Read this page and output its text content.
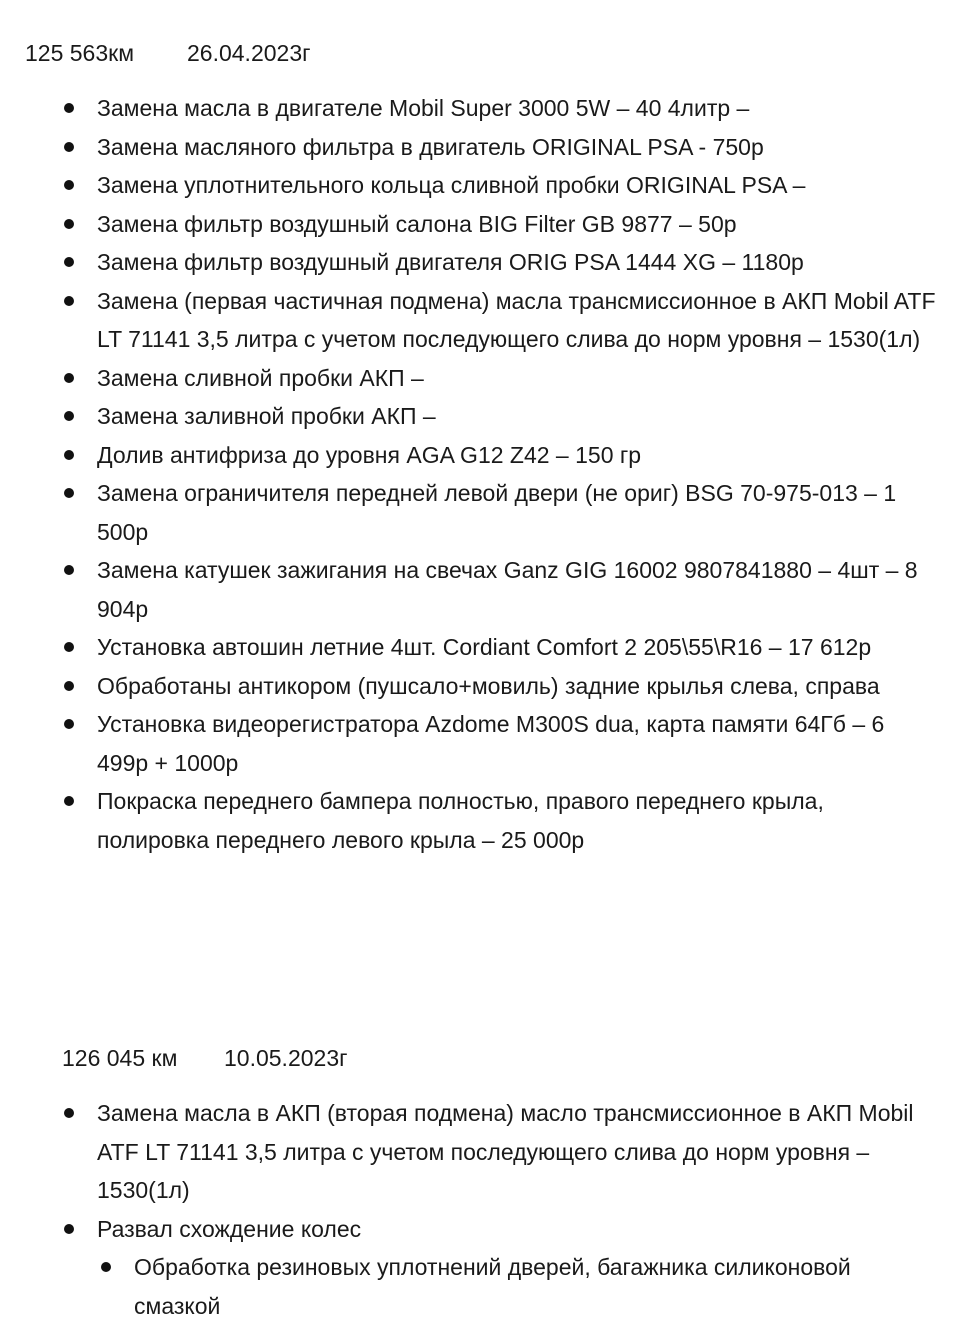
125 563км 26.04.2023г
Замена масла в двигателе Mobil Super 3000 5W – 40 4литр –
Замена масляного фильтра в двигатель ORIGINAL PSA - 750р
Замена уплотнительного кольца сливной пробки ORIGINAL PSA –
Замена фильтр воздушный салона BIG Filter GB 9877 – 50р
Замена фильтр воздушный двигателя ORIG PSA 1444 XG – 1180р
Замена (первая частичная подмена) масла трансмиссионное в АКП Mobil ATF LT 71141 3,5 литра с учетом последующего слива до норм уровня – 1530(1л)
Замена сливной пробки АКП –
Замена заливной пробки АКП –
Долив антифриза до уровня AGA G12 Z42 – 150 гр
Замена ограничителя передней левой двери (не ориг) BSG 70-975-013 – 1 500р
Замена катушек зажигания на свечах Ganz GIG 16002 9807841880 – 4шт – 8 904р
Установка автошин летние 4шт. Cordiant Comfort 2 205\55\R16 – 17 612р
Обработаны антикором (пушсало+мовиль) задние крылья слева, справа
Установка видеорегистратора Azdome M300S dua, карта памяти 64Гб – 6 499р + 1000р
Покраска переднего бампера полностью, правого переднего крыла, полировка переднего левого крыла – 25 000р
126 045 км 10.05.2023г
Замена масла в АКП (вторая подмена) масло трансмиссионное в АКП Mobil ATF LT 71141 3,5 литра с учетом последующего слива до норм уровня – 1530(1л)
Развал схождение колес
Обработка резиновых уплотнений дверей, багажника силиконовой смазкой
